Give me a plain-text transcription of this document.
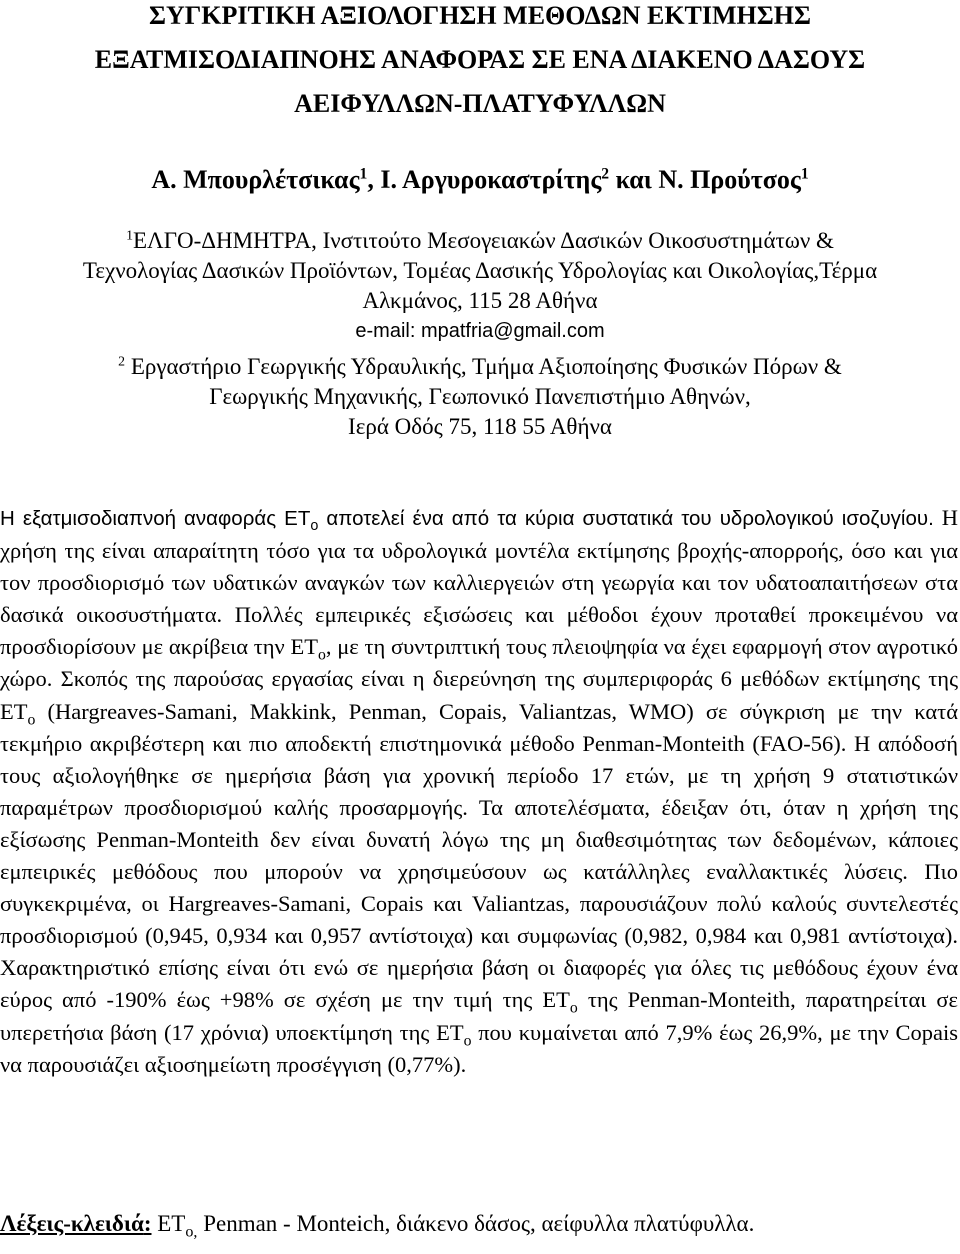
ΣΥΓΚΡΙΤΙΚΗ ΑΞΙΟΛΟΓΗΣΗ ΜΕΘΟΔΩΝ ΕΚΤΙΜΗΣΗΣ
ΕΞΑΤΜΙΣΟΔΙΑΠΝΟΗΣ ΑΝΑΦΟΡΑΣ ΣΕ ΕΝΑ ΔΙΑΚΕΝΟ ΔΑΣΟΥΣ
ΑΕΙΦΥΛΛΩΝ-ΠΛΑΤΥΦΥΛΛΩΝ
Α. Μπουρλέτσικας$^1$, Ι. Αργυροκαστρίτης$^2$ και Ν. Προύτσος$^1$
$^1$ΕΛΓΟ-ΔΗΜΗΤΡΑ, Ινστιτούτο Μεσογειακών Δασικών Οικοσυστημάτων &
Τεχνολογίας Δασικών Προϊόντων, Τομέας Δασικής Υδρολογίας και Οικολογίας,Τέρμα
Αλκμάνος, 115 28 Αθήνα
e-mail: mpatfria@gmail.com
$^2$ Εργαστήριο Γεωργικής Υδραυλικής, Τμήμα Αξιοποίησης Φυσικών Πόρων &
Γεωργικής Μηχανικής, Γεωπονικό Πανεπιστήμιο Αθηνών,
Ιερά Οδός 75, 118 55 Αθήνα
Η εξατμισοδιαπνοή αναφοράς $ET_o$ αποτελεί ένα από τα κύρια συστατικά του υδρολογικού ισοζυγίου. Η χρήση της είναι απαραίτητη τόσο για τα υδρολογικά μοντέλα εκτίμησης βροχής-απορροής, όσο και για τον προσδιορισμό των υδατικών αναγκών των καλλιεργειών στη γεωργία και τον υδατοαπαιτήσεων στα δασικά οικοσυστήματα. Πολλές εμπειρικές εξισώσεις και μέθοδοι έχουν προταθεί προκειμένου να προσδιορίσουν με ακρίβεια την $ET_o$, με τη συντριπτική τους πλειοψηφία να έχει εφαρμογή στον αγροτικό χώρο. Σκοπός της παρούσας εργασίας είναι η διερεύνηση της συμπεριφοράς 6 μεθόδων εκτίμησης της $ET_o$ (Hargreaves-Samani, Makkink, Penman, Copais, Valiantzas, WMO) σε σύγκριση με την κατά τεκμήριο ακριβέστερη και πιο αποδεκτή επιστημονικά μέθοδο Penman-Monteith (FAO-56). Η απόδοσή τους αξιολογήθηκε σε ημερήσια βάση για χρονική περίοδο 17 ετών, με τη χρήση 9 στατιστικών παραμέτρων προσδιορισμού καλής προσαρμογής. Τα αποτελέσματα, έδειξαν ότι, όταν η χρήση της εξίσωσης Penman-Monteith δεν είναι δυνατή λόγω της μη διαθεσιμότητας των δεδομένων, κάποιες εμπειρικές μεθόδους που μπορούν να χρησιμεύσουν ως κατάλληλες εναλλακτικές λύσεις. Πιο συγκεκριμένα, οι Hargreaves-Samani, Copais και Valiantzas, παρουσιάζουν πολύ καλούς συντελεστές προσδιορισμού (0,945, 0,934 και 0,957 αντίστοιχα) και συμφωνίας (0,982, 0,984 και 0,981 αντίστοιχα). Χαρακτηριστικό επίσης είναι ότι ενώ σε ημερήσια βάση οι διαφορές για όλες τις μεθόδους έχουν ένα εύρος από -190% έως +98% σε σχέση με την τιμή της $ET_o$ της Penman-Monteith, παρατηρείται σε υπερετήσια βάση (17 χρόνια) υποεκτίμηση της $ET_o$ που κυμαίνεται από 7,9% έως 26,9%, με την Copais να παρουσιάζει αξιοσημείωτη προσέγγιση (0,77%).
Λέξεις-κλειδιά: $ET_{o,}$ Penman - Monteich, διάκενο δάσος, αείφυλλα πλατύφυλλα.
